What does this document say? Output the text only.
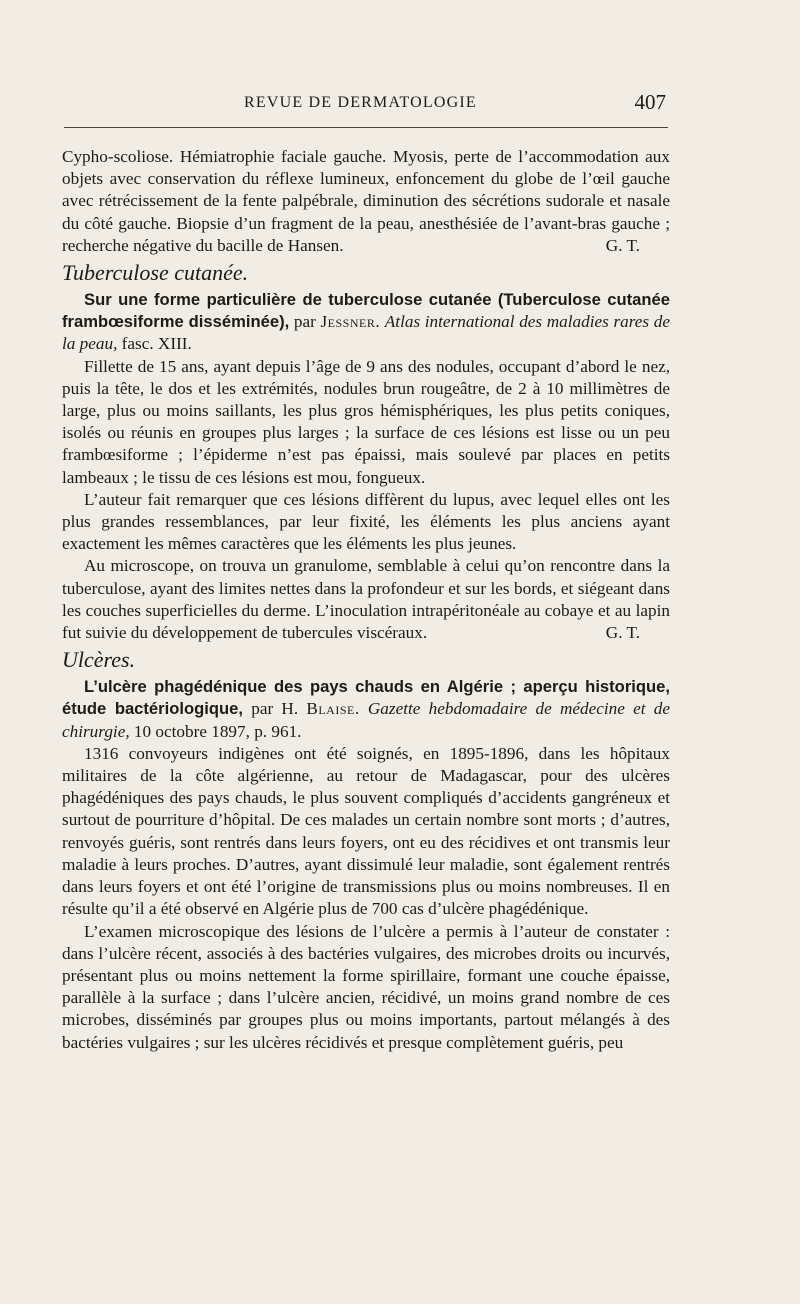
REVUE DE DERMATOLOGIE	407

Cypho-scoliose. Hémiatrophie faciale gauche. Myosis, perte de l’accommodation aux objets avec conservation du réflexe lumineux, enfoncement du globe de l’œil gauche avec rétrécissement de la fente palpébrale, diminution des sécrétions sudorale et nasale du côté gauche. Biopsie d’un fragment de la peau, anesthésiée de l’avant-bras gauche ; recherche négative du bacille de Hansen.	G. T.

Tuberculose cutanée.

Sur une forme particulière de tuberculose cutanée (Tuberculose cutanée frambœsiforme disséminée), par Jessner. Atlas international des maladies rares de la peau, fasc. XIII.

Fillette de 15 ans, ayant depuis l’âge de 9 ans des nodules, occupant d’abord le nez, puis la tête, le dos et les extrémités, nodules brun rougeâtre, de 2 à 10 millimètres de large, plus ou moins saillants, les plus gros hémisphériques, les plus petits coniques, isolés ou réunis en groupes plus larges ; la surface de ces lésions est lisse ou un peu frambœsiforme ; l’épiderme n’est pas épaissi, mais soulevé par places en petits lambeaux ; le tissu de ces lésions est mou, fongueux.

L’auteur fait remarquer que ces lésions diffèrent du lupus, avec lequel elles ont les plus grandes ressemblances, par leur fixité, les éléments les plus anciens ayant exactement les mêmes caractères que les éléments les plus jeunes.

Au microscope, on trouva un granulome, semblable à celui qu’on rencontre dans la tuberculose, ayant des limites nettes dans la profondeur et sur les bords, et siégeant dans les couches superficielles du derme. L’inoculation intrapéritonéale au cobaye et au lapin fut suivie du développement de tubercules viscéraux.	G. T.

Ulcères.

L’ulcère phagédénique des pays chauds en Algérie ; aperçu historique, étude bactériologique, par H. Blaise. Gazette hebdomadaire de médecine et de chirurgie, 10 octobre 1897, p. 961.

1316 convoyeurs indigènes ont été soignés, en 1895-1896, dans les hôpitaux militaires de la côte algérienne, au retour de Madagascar, pour des ulcères phagédéniques des pays chauds, le plus souvent compliqués d’accidents gangréneux et surtout de pourriture d’hôpital. De ces malades un certain nombre sont morts ; d’autres, renvoyés guéris, sont rentrés dans leurs foyers, ont eu des récidives et ont transmis leur maladie à leurs proches. D’autres, ayant dissimulé leur maladie, sont également rentrés dans leurs foyers et ont été l’origine de transmissions plus ou moins nombreuses. Il en résulte qu’il a été observé en Algérie plus de 700 cas d’ulcère phagédénique.

L’examen microscopique des lésions de l’ulcère a permis à l’auteur de constater : dans l’ulcère récent, associés à des bactéries vulgaires, des microbes droits ou incurvés, présentant plus ou moins nettement la forme spirillaire, formant une couche épaisse, parallèle à la surface ; dans l’ulcère ancien, récidivé, un moins grand nombre de ces microbes, disséminés par groupes plus ou moins importants, partout mélangés à des bactéries vulgaires ; sur les ulcères récidivés et presque complètement guéris, peu
